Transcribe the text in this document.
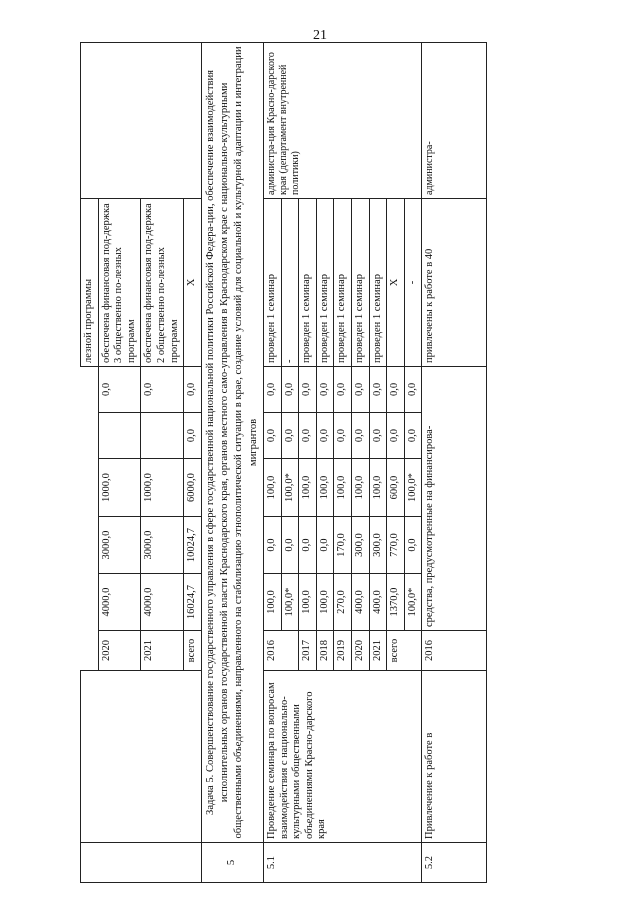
21
								лезной программы	
		2020	4000,0	3000,0	1000,0		0,0	обеспечена финансовая под-держка 3 общественно по-лезных программ	
		2021	4000,0	3000,0	1000,0		0,0	обеспечена финансовая под-держка 2 общественно по-лезных программ	
		всего	16024,7	10024,7	6000,0	0,0	0,0	X	
5	Задача 5. Совершенствование государственного управления в сфере государственной национальной политики Российской Федера-ции, обеспечение взаимодействия исполнительных органов государственной власти Краснодарского края, органов местного само-управления в Краснодарском крае с национально-культурными общественными объединениями, направленного на стабилизацию этнополитической ситуации в крае, создание условий для социальной и культурной адаптации и интеграции мигрантов								
5.1	Проведение семинара по вопросам взаимодействия с национально-культурными общественными объединениями Красно-дарского края	2016	100,0	0,0	100,0	0,0	0,0	проведен 1 семинар	администра-ция Красно-дарского края (департамент внутренней политики)
			100,0*	0,0	100,0*	0,0	0,0	-	
		2017	100,0	0,0	100,0	0,0	0,0	проведен 1 семинар	
		2018	100,0	0,0	100,0	0,0	0,0	проведен 1 семинар	
		2019	270,0	170,0	100,0	0,0	0,0	проведен 1 семинар	
		2020	400,0	300,0	100,0	0,0	0,0	проведен 1 семинар	
		2021	400,0	300,0	100,0	0,0	0,0	проведен 1 семинар	
		всего	1370,0	770,0	600,0	0,0	0,0	X	
			100,0*	0,0	100,0*	0,0	0,0	-	
5.2	Привлечение к работе в	2016	средства, предусмотренные на финансирова-					привлечены к работе в 40	администра-
